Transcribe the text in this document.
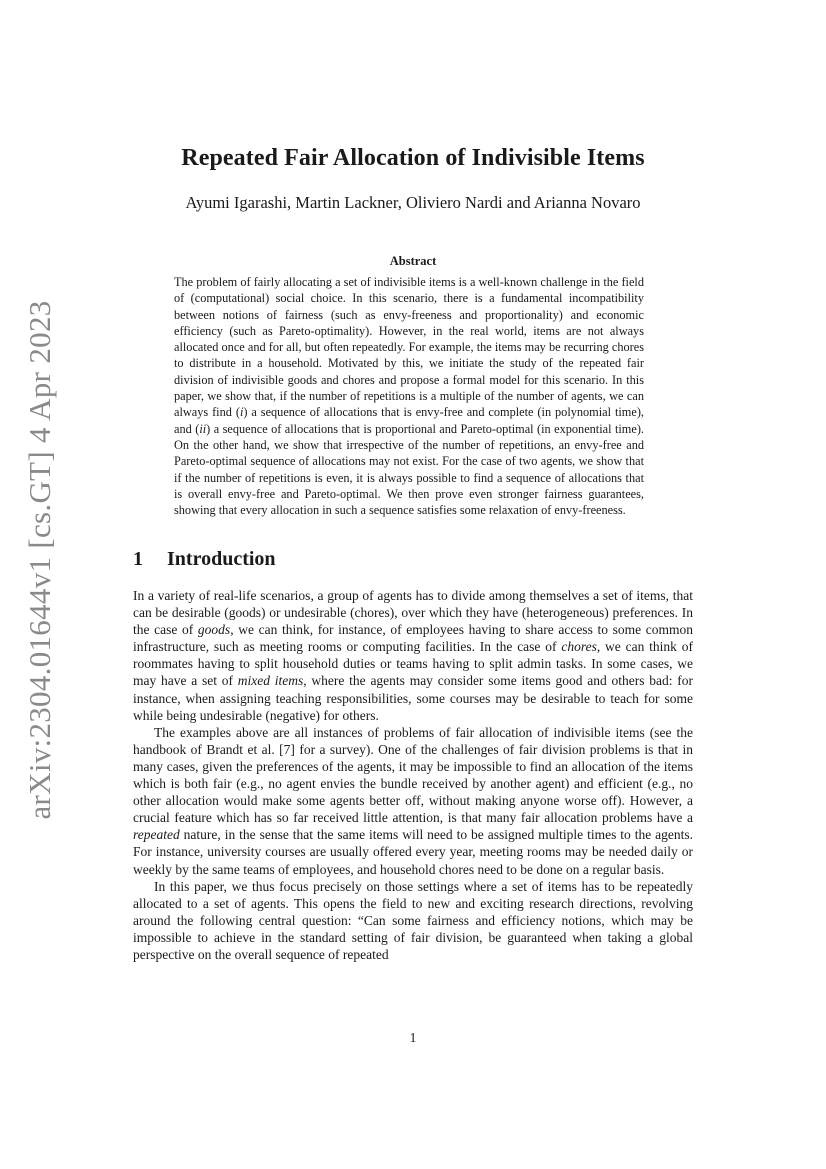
arXiv:2304.01644v1 [cs.GT] 4 Apr 2023
Repeated Fair Allocation of Indivisible Items
Ayumi Igarashi, Martin Lackner, Oliviero Nardi and Arianna Novaro
Abstract
The problem of fairly allocating a set of indivisible items is a well-known challenge in the field of (computational) social choice. In this scenario, there is a fundamental incompatibility between notions of fairness (such as envy-freeness and proportionality) and economic efficiency (such as Pareto-optimality). However, in the real world, items are not always allocated once and for all, but often repeatedly. For example, the items may be recurring chores to distribute in a household. Motivated by this, we initiate the study of the repeated fair division of indivisible goods and chores and propose a formal model for this scenario. In this paper, we show that, if the number of repetitions is a multiple of the number of agents, we can always find (i) a sequence of allocations that is envy-free and complete (in polynomial time), and (ii) a sequence of allocations that is proportional and Pareto-optimal (in exponential time). On the other hand, we show that irrespective of the number of repetitions, an envy-free and Pareto-optimal sequence of allocations may not exist. For the case of two agents, we show that if the number of repetitions is even, it is always possible to find a sequence of allocations that is overall envy-free and Pareto-optimal. We then prove even stronger fairness guarantees, showing that every allocation in such a sequence satisfies some relaxation of envy-freeness.
1 Introduction

In a variety of real-life scenarios, a group of agents has to divide among themselves a set of items, that can be desirable (goods) or undesirable (chores), over which they have (heterogeneous) preferences. In the case of goods, we can think, for instance, of employees having to share access to some common infrastructure, such as meeting rooms or computing facilities. In the case of chores, we can think of roommates having to split household duties or teams having to split admin tasks. In some cases, we may have a set of mixed items, where the agents may consider some items good and others bad: for instance, when assigning teaching responsibilities, some courses may be desirable to teach for some while being undesirable (negative) for others.

The examples above are all instances of problems of fair allocation of indivisible items (see the handbook of Brandt et al. [7] for a survey). One of the challenges of fair division problems is that in many cases, given the preferences of the agents, it may be impossible to find an allocation of the items which is both fair (e.g., no agent envies the bundle received by another agent) and efficient (e.g., no other allocation would make some agents better off, without making anyone worse off). However, a crucial feature which has so far received little attention, is that many fair allocation problems have a repeated nature, in the sense that the same items will need to be assigned multiple times to the agents. For instance, university courses are usually offered every year, meeting rooms may be needed daily or weekly by the same teams of employees, and household chores need to be done on a regular basis.

In this paper, we thus focus precisely on those settings where a set of items has to be repeatedly allocated to a set of agents. This opens the field to new and exciting research directions, revolving around the following central question: “Can some fairness and efficiency notions, which may be impossible to achieve in the standard setting of fair division, be guaranteed when taking a global perspective on the overall sequence of repeated

1
